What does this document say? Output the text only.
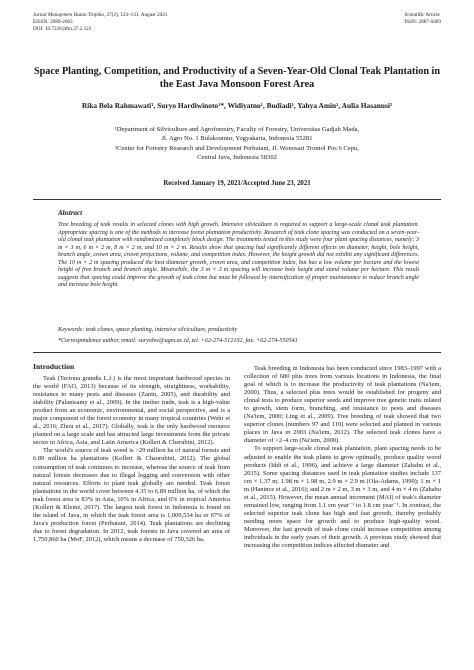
Jurnal Manajemen Hutan Tropika, 27(2), 123–131, August 2021
EISSN: 2089-2063
DOI: 10.7226/jtfm.27.2.123
Scientific Article
ISSN: 2087-0469
Space Planting, Competition, and Productivity of a Seven-Year-Old Clonal Teak Plantation in the East Java Monsoon Forest Area
Rika Bela Rahmawati¹, Suryo Hardiwinoto¹*, Widiyatno¹, Budiadi¹, Yahya Amin², Aulia Hasanusi²
¹Department of Silviculture and Agroforestry, Faculty of Forestry, Universitas Gadjah Mada,
Jl. Agro No. 1 Bulaksumur, Yogyakarta, Indonesia 55281
²Center for Forestry Research and Development Perhutani, Jl. Wonosari Tromol Pos 6 Cepu,
Central Java, Indonesia 58302
Received January 19, 2021/Accepted June 23, 2021
Abstract
Tree breeding of teak results in selected clones with high growth. Intensive silviculture is required to support a large-scale clonal teak plantation. Appropriate spacing is one of the methods to increase forest plantation productivity. Research of teak clone spacing was conducted on a seven-year-old clonal teak plantation with randomized completely block design. The treatments tested in this study were four plant spacing distances, namely; 3 m × 3 m, 6 m × 2 m, 8 m × 2 m, and 10 m × 2 m. Results show that spacing had significantly different effects on diameter, height, bole height, branch angle, crown area, crown projections, volume, and competition index. However, the height growth did not exhibit any significant differences. The 10 m × 2 m spacing produced the best diameter growth, crown area, and competition index, but has a low volume per hectare and the lowest height of free branch and branch angle. Meanwhile, the 3 m × 3 m spacing will increase bole height and stand volume per hectare. This result suggests that spacing could improve the growth of teak clone but must be followed by intensification of proper maintenance to reduce branch angle and increase bole height.
Keywords: teak clones, space planting, intensive silviculture, productivity
*Correspondence author, email: suryohw@ugm.ac.id, tel. +62-274-512102, fax. +62-274-550541
Introduction

Teak (Tectona grandis L.f.) is the most important hardwood species in the world (FAO, 2013) because of its strength, straightness, workability, resistance to many pests and diseases (Zanin, 2005), and durability and stability (Palanisamy et al., 2009). In the timber trade, teak is a high-value product from an economic, environmental, and social perspective, and is a major component of the forest economy in many tropical countries (Wehr et al., 2016; Zhou et al., 2017). Globally, teak is the only hardwood resource planted on a large scale and has attracted large investments from the private sector in Africa, Asia, and Latin America (Kollert & Cherubini, 2012).

The world's source of teak wood is >29 million ha of natural forests and 6.89 million ha plantations (Kollert & Chaorubini, 2012). The global consumption of teak continues to increase, whereas the source of teak from natural forests decreases due to illegal logging and conversion with other natural resources. Efforts to plant teak globally are needed. Teak forest plantations in the world cover between 4.35 to 6.89 million ha, of which the teak forest area is 83% in Asia, 10% in Africa, and 6% in tropical America (Kollert & Kleine, 2017). The largest teak forest in Indonesia is found on the island of Java, in which the teak forest area is 1,000,534 ha or 67% of Java's production forest (Perhutani, 2014). Teak plantations are declining due to forest degradation. In 2012, teak forests in Java covered an area of 1,750,860 ha (MoF, 2012), which means a decrease of 750,326 ha.

Teak breeding in Indonesia has been conducted since 1983–1997 with a collection of 680 plus trees from various locations in Indonesia, the final goal of which is to increase the productivity of teak plantations (Na'iem, 2000). Thus, a selected plus trees would be established for progeny and clonal tests to produce superior seeds and improve tree genetic traits related to growth, stem form, branching, and resistance to pests and diseases (Na'iem, 2000; Ling et al., 2009). Tree breeding of teak showed that two superior clones (numbers 97 and 110) were selected and planted in various places in Java in 2003 (Na'iem, 2012). The selected teak clones have a diameter of >2–4 cm (Na'iem, 2000).

To support large-scale clonal teak plantation, plant spacing needs to be adjusted to enable the teak plants to grow optimally, produce quality wood products (Iddi et al., 1996), and achieve a large diameter (Zahabu et al., 2015). Some spacing distances used in teak plantation studies include 137 cm × 1.37 m, 1.98 m × 1.98 m, 2.9 m × 2.9 m (Ola-Adams, 1990); 1 m × 1 m (Hanince et al., 2016); and 2 m × 2 m, 3 m × 3 m, and 4 m × 4 m (Zahabu et al., 2015). However, the mean annual increment (MAI) of teak's diameter remained low, ranging from 1.1 cm year⁻¹ to 1.8 cm year⁻¹. In contrast, the selected superior teak clone has high and fast growth, thereby probably needing more space for growth and to produce high-quality wood. Moreover, the fast growth of teak clone could increase competition among individuals in the early years of their growth. A previous study showed that increasing the competition indices affected diameter and
